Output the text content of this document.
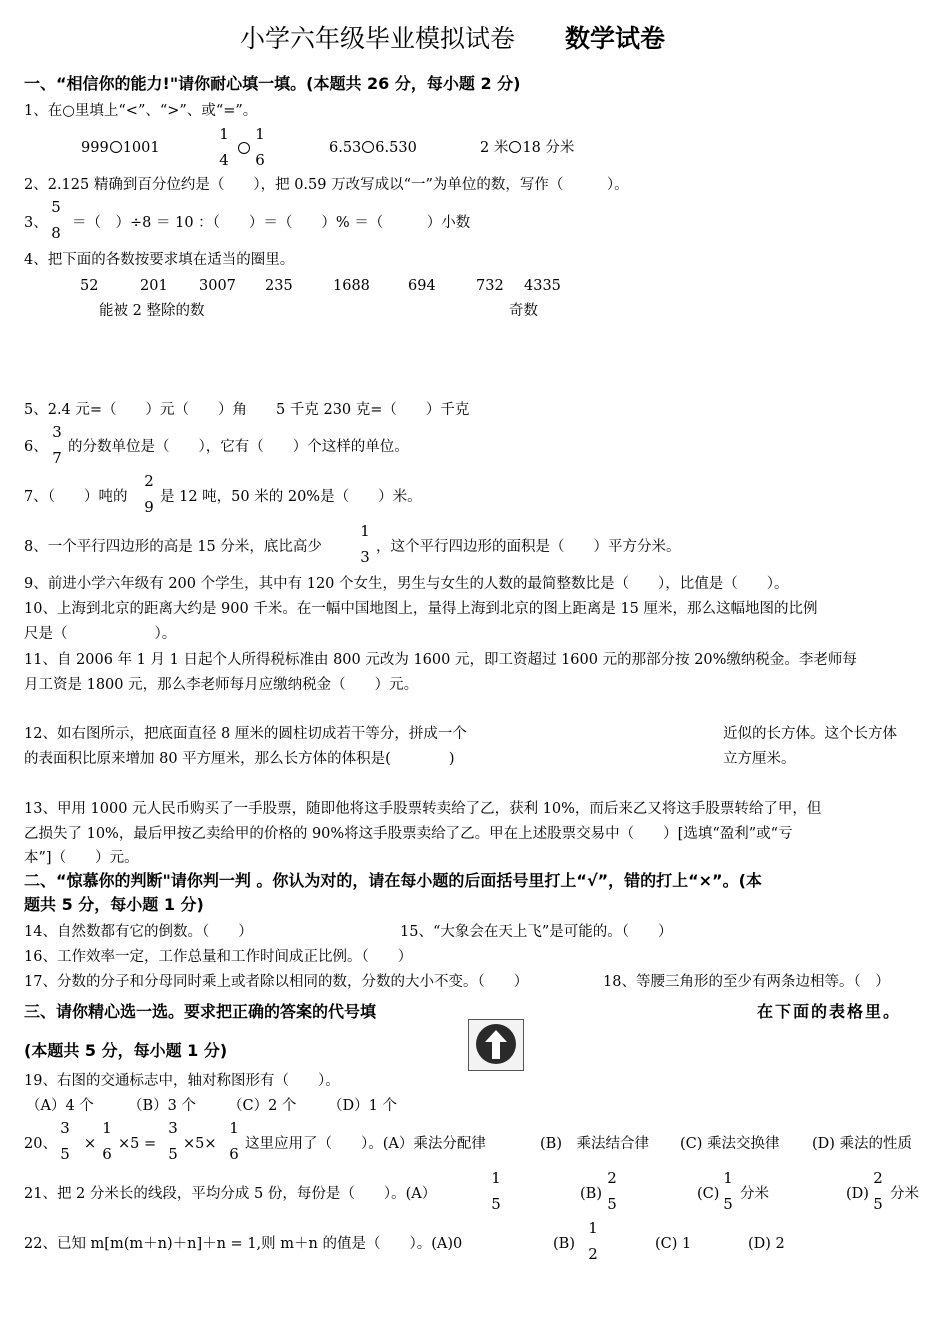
小学六年级毕业模拟试卷　　 数学试卷
一、“相信你的能力!"请你耐心填一填。(本题共 26 分，每小题 2 分)
1、在○里填上“<”、“>”、或“=”。
999 1001
1
4
1
6
6.53 6.530	2 米 18 分米
2、2.125 精确到百分位约是（　　），把 0.59 万改写成以“一”为单位的数，写作（　　　）。
3、
5
8
＝（　）÷8 ＝ 10 ：（　　）＝（　　）% ＝（　　　）小数
4、把下面的各数按要求填在适当的圈里。
52	201 3007 235	1688	694	732 4335
能被 2 整除的数	奇数
5、2.4 元=（　　）元（　　）角　　5 千克 230 克=（　　）千克
6、
3
7
的分数单位是（　　），它有（　　）个这样的单位。
7、（　　）吨的
2
9
是 12 吨，50 米的 20%是（　　）米。
8、一个平行四边形的高是 15 分米，底比高少
1
3
，这个平行四边形的面积是（　　）平方分米。
9、前进小学六年级有 200 个学生，其中有 120 个女生，男生与女生的人数的最简整数比是（　　），比值是（　　）。
10、上海到北京的距离大约是 900 千米。在一幅中国地图上，量得上海到北京的图上距离是 15 厘米，那么这幅地图的比例
尺是（　　　　　　）。
11、自 2006 年 1 月 1 日起个人所得税标准由 800 元改为 1600 元，即工资超过 1600 元的那部分按 20%缴纳税金。李老师每
月工资是 1800 元，那么李老师每月应缴纳税金（　　）元。
12、如右图所示，把底面直径 8 厘米的圆柱切成若干等分，拼成一个	近似的长方体。这个长方体
的表面积比原来增加 80 平方厘米，那么长方体的体积是(　　　　)	立方厘米。
13、甲用 1000 元人民币购买了一手股票，随即他将这手股票转卖给了乙，获利 10%，而后来乙又将这手股票转给了甲，但
乙损失了 10%，最后甲按乙卖给甲的价格的 90%将这手股票卖给了乙。甲在上述股票交易中（　　）[选填“盈利”或“亏
本”]（　　）元。
二、“惊慕你的判断"请你判一判 。你认为对的，请在每小题的后面括号里打上“√”，错的打上“×”。(本
题共 5 分，每小题 1 分)
14、自然数都有它的倒数。（　　）	15、“大象会在天上飞”是可能的。（　　）
16、工作效率一定，工作总量和工作时间成正比例。（　　）
17、分数的分子和分母同时乘上或者除以相同的数，分数的大小不变。（　　）	18、等腰三角形的至少有两条边相等。（　）
三、请你精心选一选。要求把正确的答案的代号填	在下面的表格里。
(本题共 5 分，每小题 1 分)
19、右图的交通标志中，轴对称图形有（　　）。
（A）4 个 （B）3 个 （C）2 个 （D）1 个
20、
3
5
×
1
6
×5 =
3
5
×5×
1
6
这里应用了（　　）。(A）乘法分配律	(B)　乘法结合律 (C) 乘法交换律 (D) 乘法的性质
21、把 2 分米长的线段，平均分成 5 份，每份是（　　）。(A）
1
5
(B)
2
5
(C)
1
5
分米	(D)
2
5
分米
22、已知 m[m(m＋n)＋n]＋n = 1,则 m＋n 的值是（　　）。(A)0	(B)
1
2
(C) 1	(D) 2
